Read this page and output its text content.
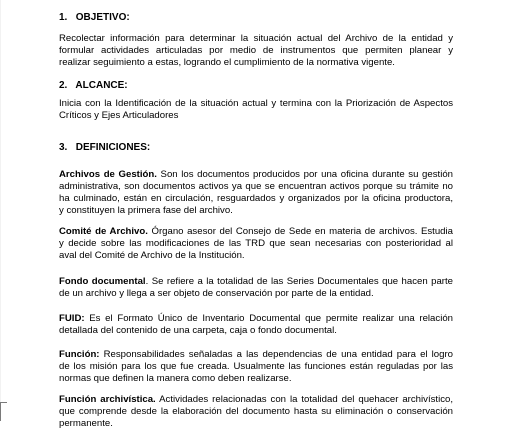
1. OBJETIVO:
Recolectar información para determinar la situación actual del Archivo de la entidad y
formular actividades articuladas por medio de instrumentos que permiten planear y
realizar seguimiento a estas, logrando el cumplimiento de la normativa vigente.
2. ALCANCE:
Inicia con la Identificación de la situación actual y termina con la Priorización de Aspectos
Críticos y Ejes Articuladores
3. DEFINICIONES:
Archivos de Gestión. Son los documentos producidos por una oficina durante su gestión
administrativa, son documentos activos ya que se encuentran activos porque su trámite no
ha culminado, están en circulación, resguardados y organizados por la oficina productora,
y constituyen la primera fase del archivo.
Comité de Archivo. Órgano asesor del Consejo de Sede en materia de archivos. Estudia
y decide sobre las modificaciones de las TRD que sean necesarias con posterioridad al
aval del Comité de Archivo de la Institución.
Fondo documental. Se refiere a la totalidad de las Series Documentales que hacen parte
de un archivo y llega a ser objeto de conservación por parte de la entidad.
FUID: Es el Formato Único de Inventario Documental que permite realizar una relación
detallada del contenido de una carpeta, caja o fondo documental.
Función: Responsabilidades señaladas a las dependencias de una entidad para el logro
de los misión para los que fue creada. Usualmente las funciones están reguladas por las
normas que definen la manera como deben realizarse.
Función archivística. Actividades relacionadas con la totalidad del quehacer archivístico,
que comprende desde la elaboración del documento hasta su eliminación o conservación
permanente.
